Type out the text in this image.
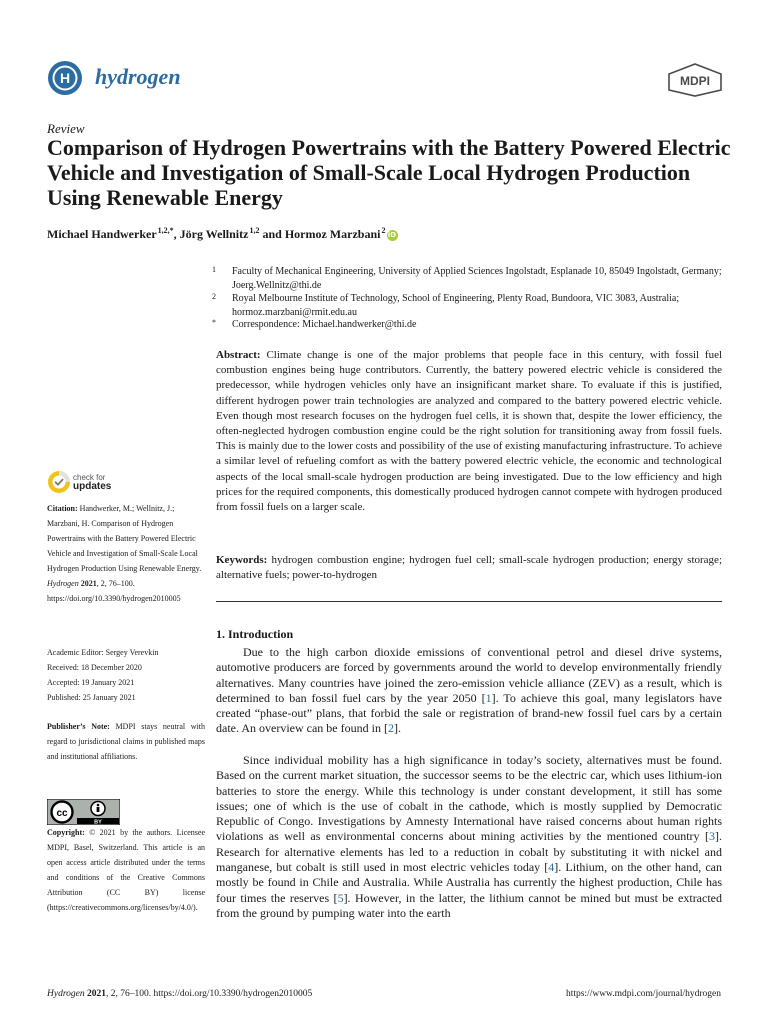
H hydrogen	MDPI
Review
Comparison of Hydrogen Powertrains with the Battery Powered Electric Vehicle and Investigation of Small-Scale Local Hydrogen Production Using Renewable Energy
Michael Handwerker $^{1,2,*}$, Jörg Wellnitz $^{1,2}$ and Hormoz Marzbani $^2$  iD
1 Faculty of Mechanical Engineering, University of Applied Sciences Ingolstadt, Esplanade 10, 85049 Ingolstadt, Germany; Joerg.Wellnitz@thi.de
2 Royal Melbourne Institute of Technology, School of Engineering, Plenty Road, Bundoora, VIC 3083, Australia; hormoz.marzbani@rmit.edu.au
* Correspondence: Michael.handwerker@thi.de

Abstract: Climate change is one of the major problems that people face in this century, with fossil fuel combustion engines being huge contributors. Currently, the battery powered electric vehicle is considered the predecessor, while hydrogen vehicles only have an insignificant market share. To evaluate if this is justified, different hydrogen power train technologies are analyzed and compared to the battery powered electric vehicle. Even though most research focuses on the hydrogen fuel cells, it is shown that, despite the lower efficiency, the often-neglected hydrogen combustion engine could be the right solution for transitioning away from fossil fuels. This is mainly due to the lower costs and possibility of the use of existing manufacturing infrastructure. To achieve a similar level of refueling comfort as with the battery powered electric vehicle, the economic and technological aspects of the local small-scale hydrogen production are being investigated. Due to the low efficiency and high prices for the required components, this domestically produced hydrogen cannot compete with hydrogen produced from fossil fuels on a larger scale.

Keywords: hydrogen combustion engine; hydrogen fuel cell; small-scale hydrogen production; energy storage; alternative fuels; power-to-hydrogen

check for
updates
Citation: Handwerker, M.; Wellnitz, J.; Marzbani, H. Comparison of Hydrogen Powertrains with the Battery Powered Electric Vehicle and Investigation of Small-Scale Local Hydrogen Production Using Renewable Energy. Hydrogen 2021, 2, 76–100. https://doi.org/10.3390/hydrogen2010005
Academic Editor: Sergey Verevkin
Received: 18 December 2020
Accepted: 19 January 2021
Published: 25 January 2021
Publisher’s Note: MDPI stays neutral with regard to jurisdictional claims in published maps and institutional affiliations.
cc
BY
Copyright: © 2021 by the authors. Licensee MDPI, Basel, Switzerland. This article is an open access article distributed under the terms and conditions of the Creative Commons Attribution (CC BY) license (https://creativecommons.org/licenses/by/4.0/).
1. Introduction

Due to the high carbon dioxide emissions of conventional petrol and diesel drive systems, automotive producers are forced by governments around the world to develop environmentally friendly alternatives. Many countries have joined the zero-emission vehicle alliance (ZEV) as a result, which is determined to ban fossil fuel cars by the year 2050 [1]. To achieve this goal, many legislators have created “phase-out” plans, that forbid the sale or registration of brand-new fossil fuel cars by a certain date. An overview can be found in [2].

Since individual mobility has a high significance in today’s society, alternatives must be found. Based on the current market situation, the successor seems to be the electric car, which uses lithium-ion batteries to store the energy. While this technology is under constant development, it still has some issues; one of which is the use of cobalt in the cathode, which is mostly supplied by Democratic Republic of Congo. Investigations by Amnesty International have raised concerns about human rights violations as well as environmental concerns about mining activities by the mentioned country [3]. Research for alternative elements has led to a reduction in cobalt by substituting it with nickel and manganese, but cobalt is still used in most electric vehicles today [4]. Lithium, on the other hand, can mostly be found in Chile and Australia. While Australia has currently the highest production, Chile has four times the reserves [5]. However, in the latter, the lithium cannot be mined but must be extracted from the ground by pumping water into the earth

Hydrogen 2021, 2, 76–100. https://doi.org/10.3390/hydrogen2010005	https://www.mdpi.com/journal/hydrogen
